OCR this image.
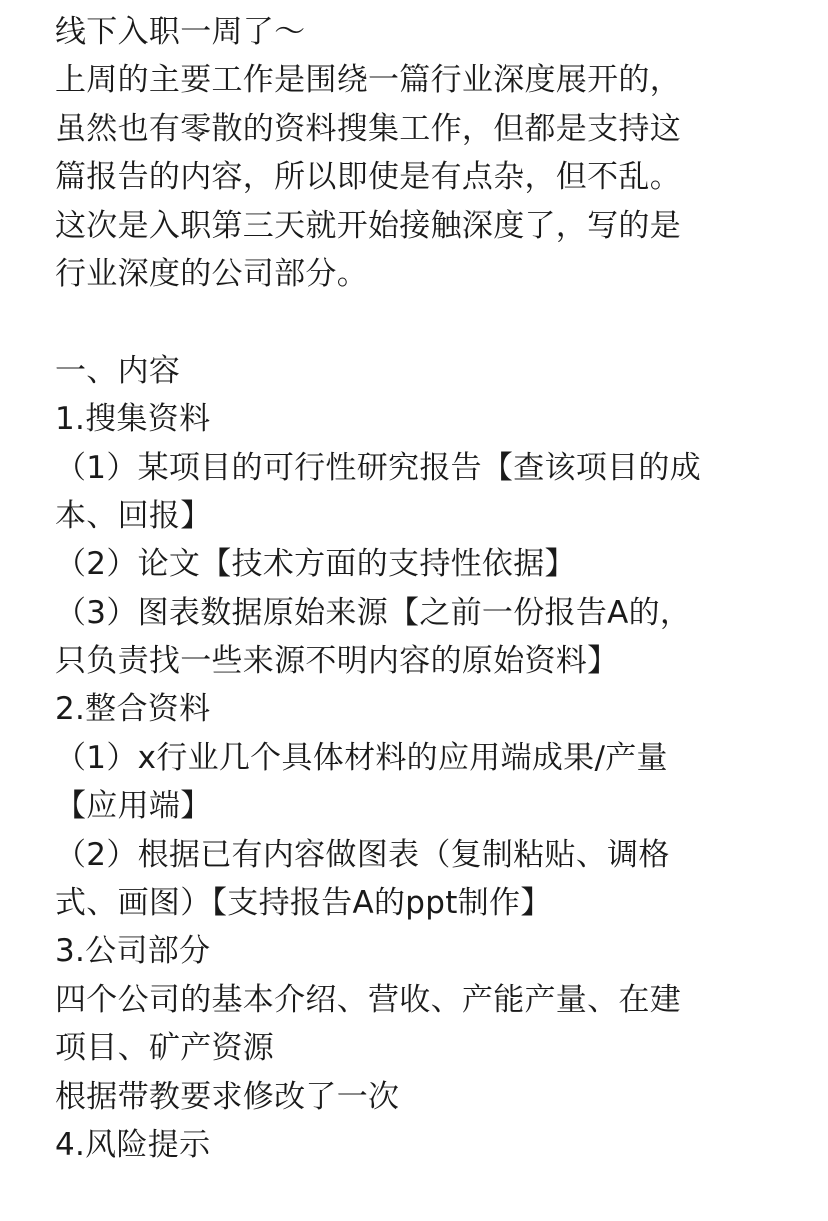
线下入职一周了～
上周的主要工作是围绕一篇行业深度展开的，
虽然也有零散的资料搜集工作，但都是支持这
篇报告的内容，所以即使是有点杂，但不乱。
这次是入职第三天就开始接触深度了，写的是
行业深度的公司部分。
一、内容
1.搜集资料
（1）某项目的可行性研究报告【查该项目的成
本、回报】
（2）论文【技术方面的支持性依据】
（3）图表数据原始来源【之前一份报告A的，
只负责找一些来源不明内容的原始资料】
2.整合资料
（1）x行业几个具体材料的应用端成果/产量
【应用端】
（2）根据已有内容做图表（复制粘贴、调格
式、画图）【支持报告A的ppt制作】
3.公司部分
四个公司的基本介绍、营收、产能产量、在建
项目、矿产资源
根据带教要求修改了一次
4.风险提示
